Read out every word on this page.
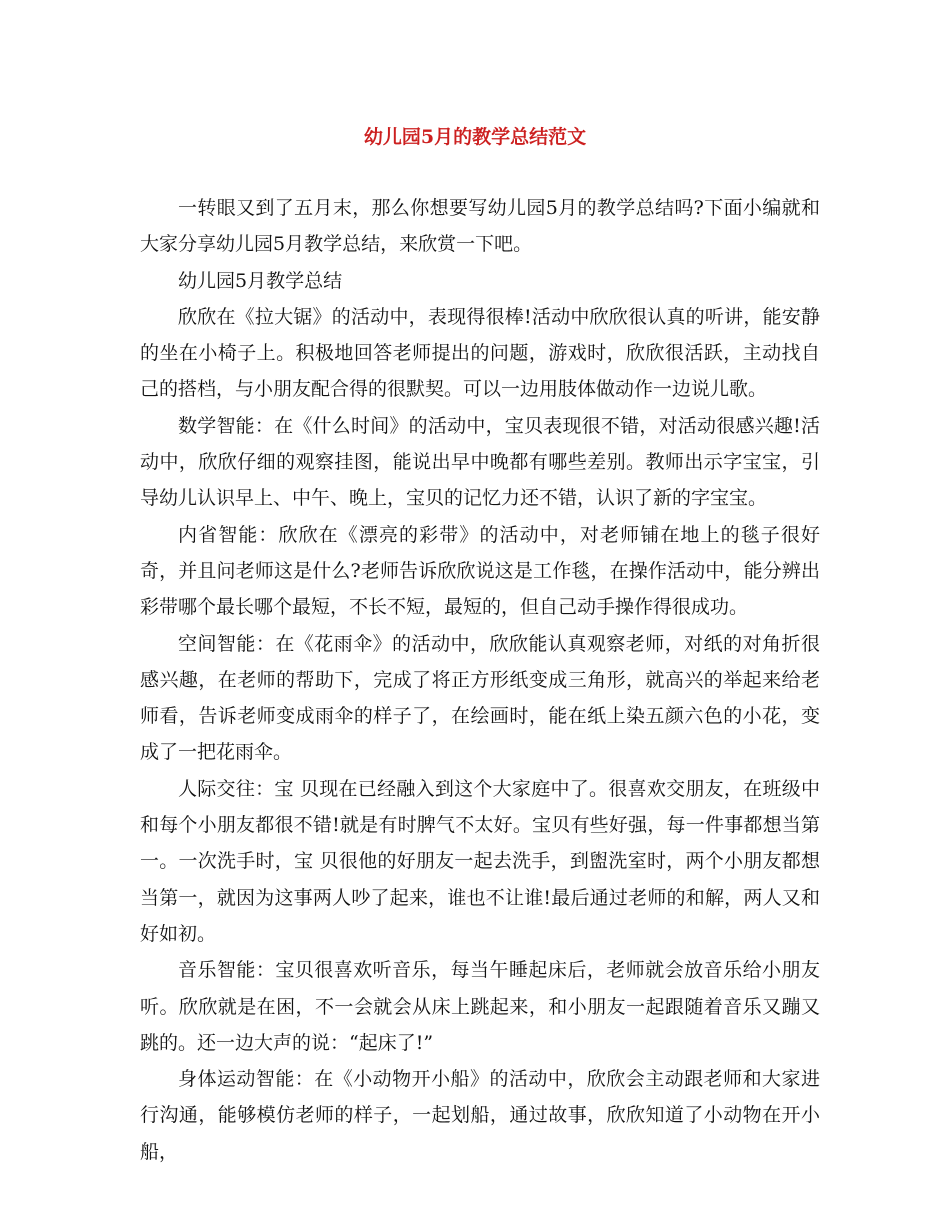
幼儿园5月的教学总结范文

一转眼又到了五月末，那么你想要写幼儿园5月的教学总结吗?下面小编就和大家分享幼儿园5月教学总结，来欣赏一下吧。

幼儿园5月教学总结

欣欣在《拉大锯》的活动中，表现得很棒!活动中欣欣很认真的听讲，能安静的坐在小椅子上。积极地回答老师提出的问题，游戏时，欣欣很活跃，主动找自己的搭档，与小朋友配合得的很默契。可以一边用肢体做动作一边说儿歌。

数学智能：在《什么时间》的活动中，宝贝表现很不错，对活动很感兴趣!活动中，欣欣仔细的观察挂图，能说出早中晚都有哪些差别。教师出示字宝宝，引导幼儿认识早上、中午、晚上，宝贝的记忆力还不错，认识了新的字宝宝。

内省智能：欣欣在《漂亮的彩带》的活动中，对老师铺在地上的毯子很好奇，并且问老师这是什么?老师告诉欣欣说这是工作毯，在操作活动中，能分辨出彩带哪个最长哪个最短，不长不短，最短的，但自己动手操作得很成功。

空间智能：在《花雨伞》的活动中，欣欣能认真观察老师，对纸的对角折很感兴趣，在老师的帮助下，完成了将正方形纸变成三角形，就高兴的举起来给老师看，告诉老师变成雨伞的样子了，在绘画时，能在纸上染五颜六色的小花，变成了一把花雨伞。

人际交往：宝 贝现在已经融入到这个大家庭中了。很喜欢交朋友，在班级中和每个小朋友都很不错!就是有时脾气不太好。宝贝有些好强，每一件事都想当第一。一次洗手时，宝 贝很他的好朋友一起去洗手，到盥洗室时，两个小朋友都想当第一，就因为这事两人吵了起来，谁也不让谁!最后通过老师的和解，两人又和好如初。

音乐智能：宝贝很喜欢听音乐，每当午睡起床后，老师就会放音乐给小朋友听。欣欣就是在困，不一会就会从床上跳起来，和小朋友一起跟随着音乐又蹦又跳的。还一边大声的说：“起床了!”

身体运动智能：在《小动物开小船》的活动中，欣欣会主动跟老师和大家进行沟通，能够模仿老师的样子，一起划船，通过故事，欣欣知道了小动物在开小船，
